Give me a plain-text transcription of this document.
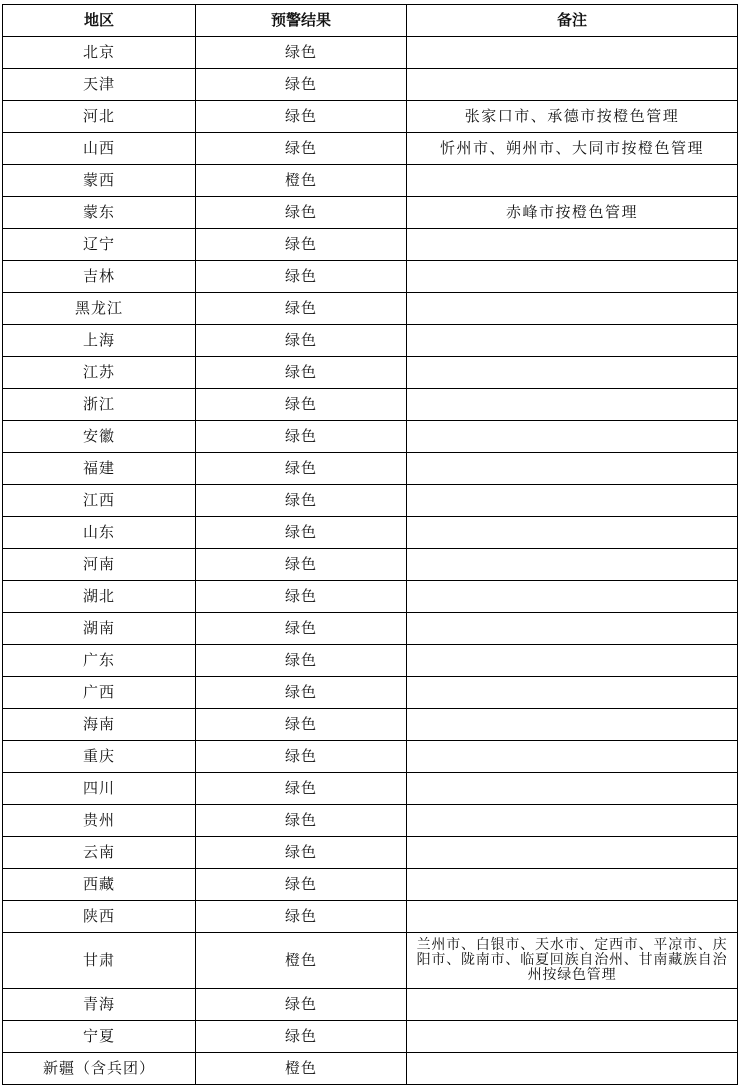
地区	预警结果	备注
北京	绿色	
天津	绿色	
河北	绿色	张家口市、承德市按橙色管理
山西	绿色	忻州市、朔州市、大同市按橙色管理
蒙西	橙色	
蒙东	绿色	赤峰市按橙色管理
辽宁	绿色	
吉林	绿色	
黑龙江	绿色	
上海	绿色	
江苏	绿色	
浙江	绿色	
安徽	绿色	
福建	绿色	
江西	绿色	
山东	绿色	
河南	绿色	
湖北	绿色	
湖南	绿色	
广东	绿色	
广西	绿色	
海南	绿色	
重庆	绿色	
四川	绿色	
贵州	绿色	
云南	绿色	
西藏	绿色	
陕西	绿色	
甘肃	橙色	兰州市、白银市、天水市、定西市、平凉市、庆阳市、陇南市、临夏回族自治州、甘南藏族自治州按绿色管理
青海	绿色	
宁夏	绿色	
新疆（含兵团）	橙色	
